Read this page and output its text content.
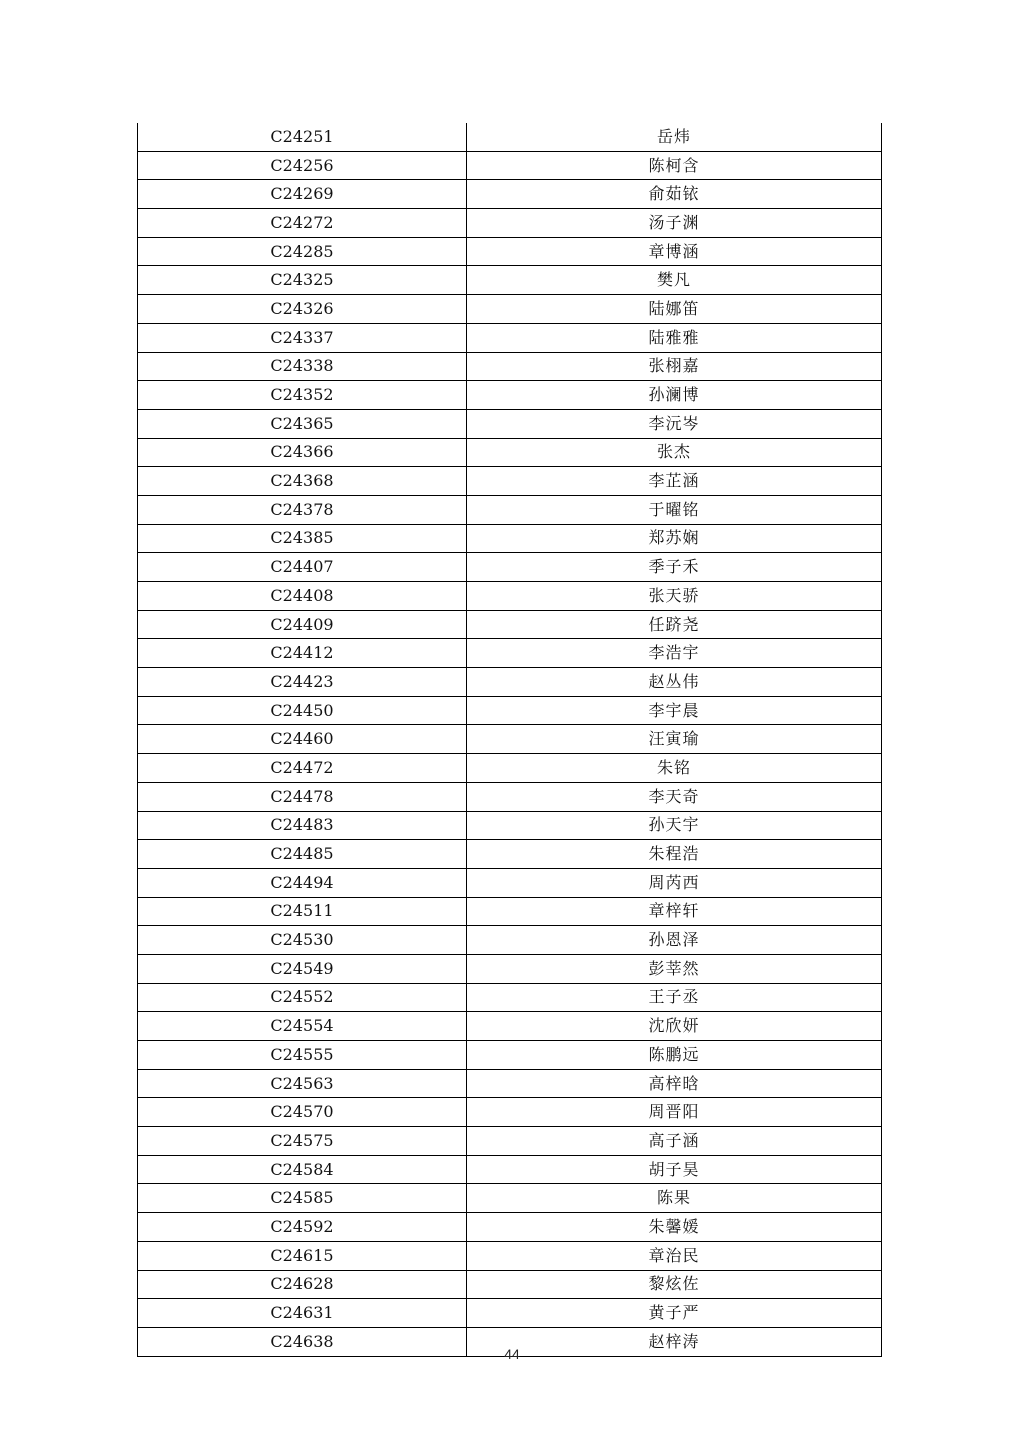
C24251	岳炜
C24256	陈柯含
C24269	俞茹铱
C24272	汤子渊
C24285	章博涵
C24325	樊凡
C24326	陆娜笛
C24337	陆雅雅
C24338	张栩嘉
C24352	孙澜博
C24365	李沅岑
C24366	张杰
C24368	李芷涵
C24378	于曜铭
C24385	郑苏娴
C24407	季子禾
C24408	张天骄
C24409	任跻尧
C24412	李浩宇
C24423	赵丛伟
C24450	李宇晨
C24460	汪寅瑜
C24472	朱铭
C24478	李天奇
C24483	孙天宇
C24485	朱程浩
C24494	周芮西
C24511	章梓轩
C24530	孙恩泽
C24549	彭莘然
C24552	王子丞
C24554	沈欣妍
C24555	陈鹏远
C24563	高梓晗
C24570	周晋阳
C24575	高子涵
C24584	胡子昊
C24585	陈果
C24592	朱馨媛
C24615	章治民
C24628	黎炫佐
C24631	黄子严
C24638	赵梓涛
44
